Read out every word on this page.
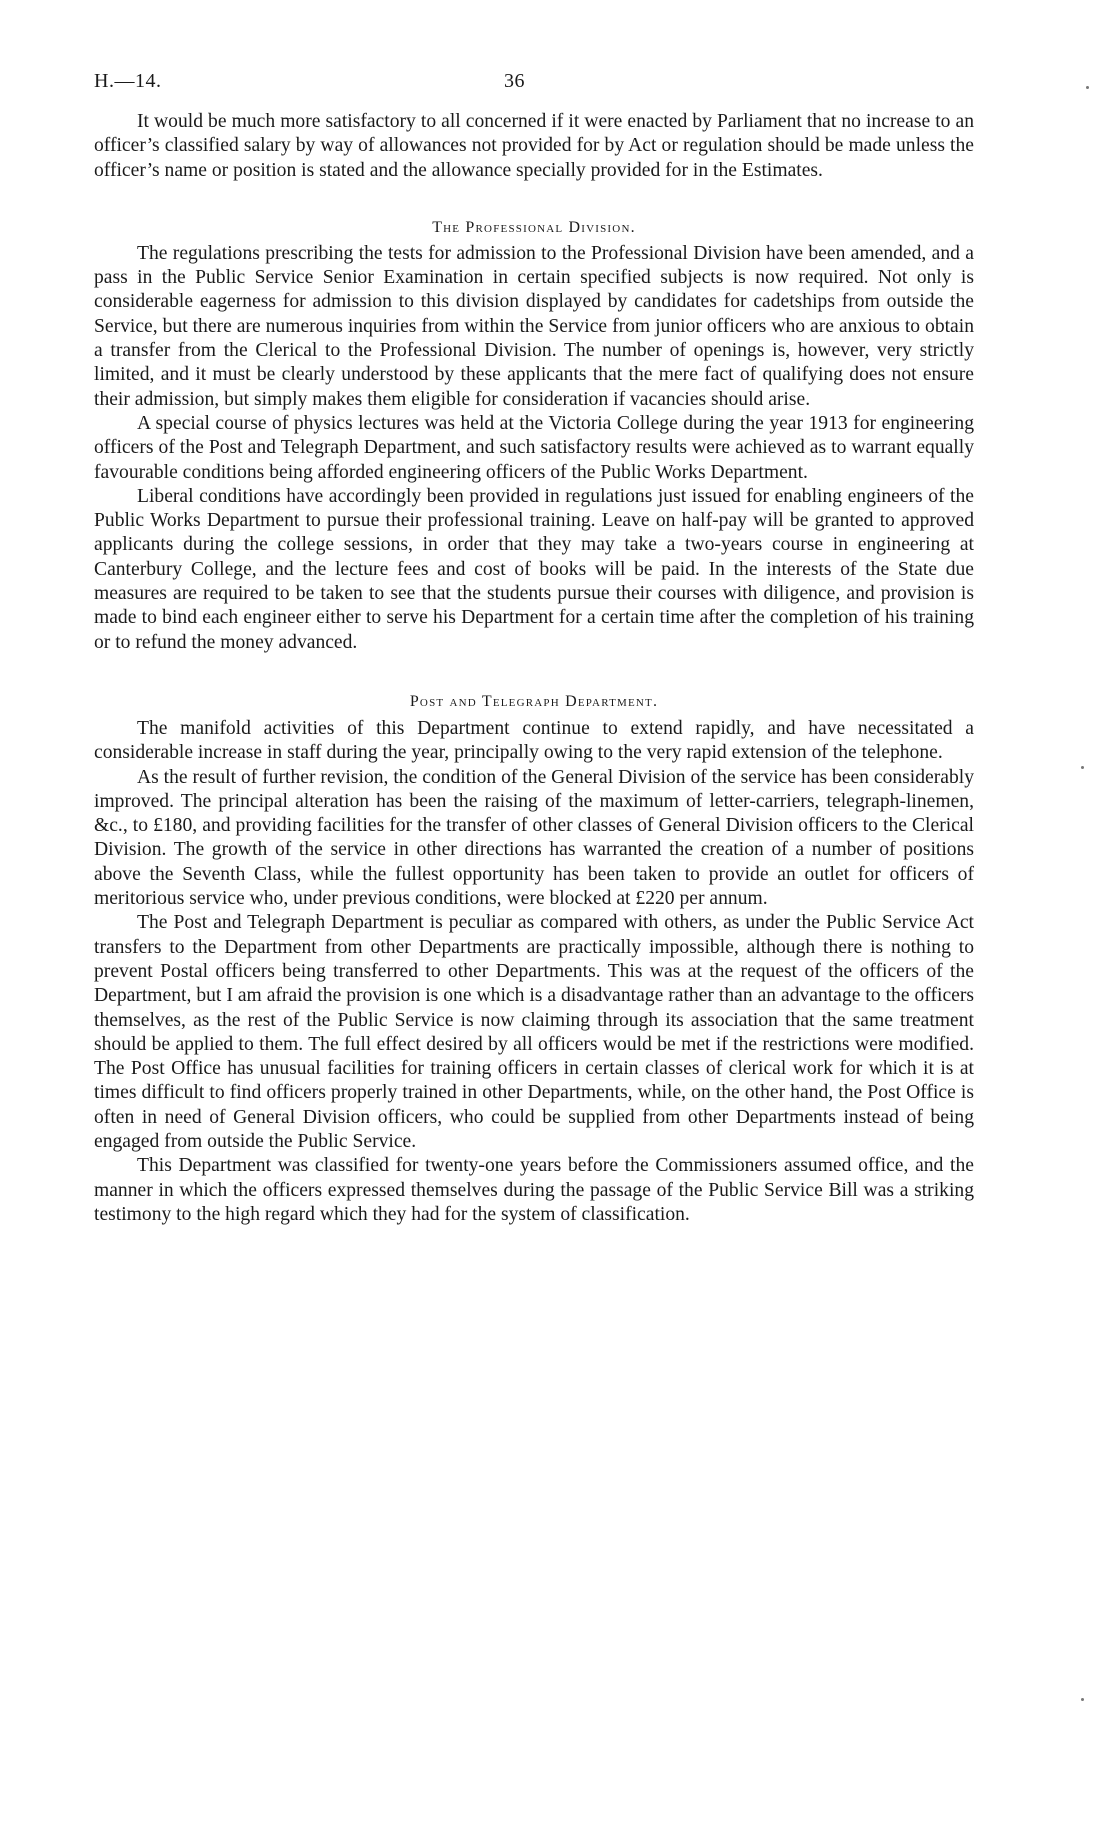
H.—14.	36

It would be much more satisfactory to all concerned if it were enacted by Parliament that no increase to an officer’s classified salary by way of allowances not provided for by Act or regulation should be made unless the officer’s name or position is stated and the allowance specially provided for in the Estimates.

The Professional Division.

The regulations prescribing the tests for admission to the Professional Division have been amended, and a pass in the Public Service Senior Examination in certain specified subjects is now required. Not only is considerable eagerness for admission to this division displayed by candidates for cadetships from outside the Service, but there are numerous inquiries from within the Service from junior officers who are anxious to obtain a transfer from the Clerical to the Professional Division. The number of openings is, however, very strictly limited, and it must be clearly understood by these applicants that the mere fact of qualifying does not ensure their admission, but simply makes them eligible for consideration if vacancies should arise.

A special course of physics lectures was held at the Victoria College during the year 1913 for engineering officers of the Post and Telegraph Department, and such satisfactory results were achieved as to warrant equally favourable conditions being afforded engineering officers of the Public Works Department.

Liberal conditions have accordingly been provided in regulations just issued for enabling engineers of the Public Works Department to pursue their professional training. Leave on half-pay will be granted to approved applicants during the college sessions, in order that they may take a two-years course in engineering at Canterbury College, and the lecture fees and cost of books will be paid. In the interests of the State due measures are required to be taken to see that the students pursue their courses with diligence, and provision is made to bind each engineer either to serve his Department for a certain time after the completion of his training or to refund the money advanced.

Post and Telegraph Department.

The manifold activities of this Department continue to extend rapidly, and have necessitated a considerable increase in staff during the year, principally owing to the very rapid extension of the telephone.

As the result of further revision, the condition of the General Division of the service has been considerably improved. The principal alteration has been the raising of the maximum of letter-carriers, telegraph-linemen, &c., to £180, and providing facilities for the transfer of other classes of General Division officers to the Clerical Division. The growth of the service in other directions has warranted the creation of a number of positions above the Seventh Class, while the fullest opportunity has been taken to provide an outlet for officers of meritorious service who, under previous conditions, were blocked at £220 per annum.

The Post and Telegraph Department is peculiar as compared with others, as under the Public Service Act transfers to the Department from other Departments are practically impossible, although there is nothing to prevent Postal officers being transferred to other Departments. This was at the request of the officers of the Department, but I am afraid the provision is one which is a disadvantage rather than an advantage to the officers themselves, as the rest of the Public Service is now claiming through its association that the same treatment should be applied to them. The full effect desired by all officers would be met if the restrictions were modified. The Post Office has unusual facilities for training officers in certain classes of clerical work for which it is at times difficult to find officers properly trained in other Departments, while, on the other hand, the Post Office is often in need of General Division officers, who could be supplied from other Departments instead of being engaged from outside the Public Service.

This Department was classified for twenty-one years before the Commissioners assumed office, and the manner in which the officers expressed themselves during the passage of the Public Service Bill was a striking testimony to the high regard which they had for the system of classification.
